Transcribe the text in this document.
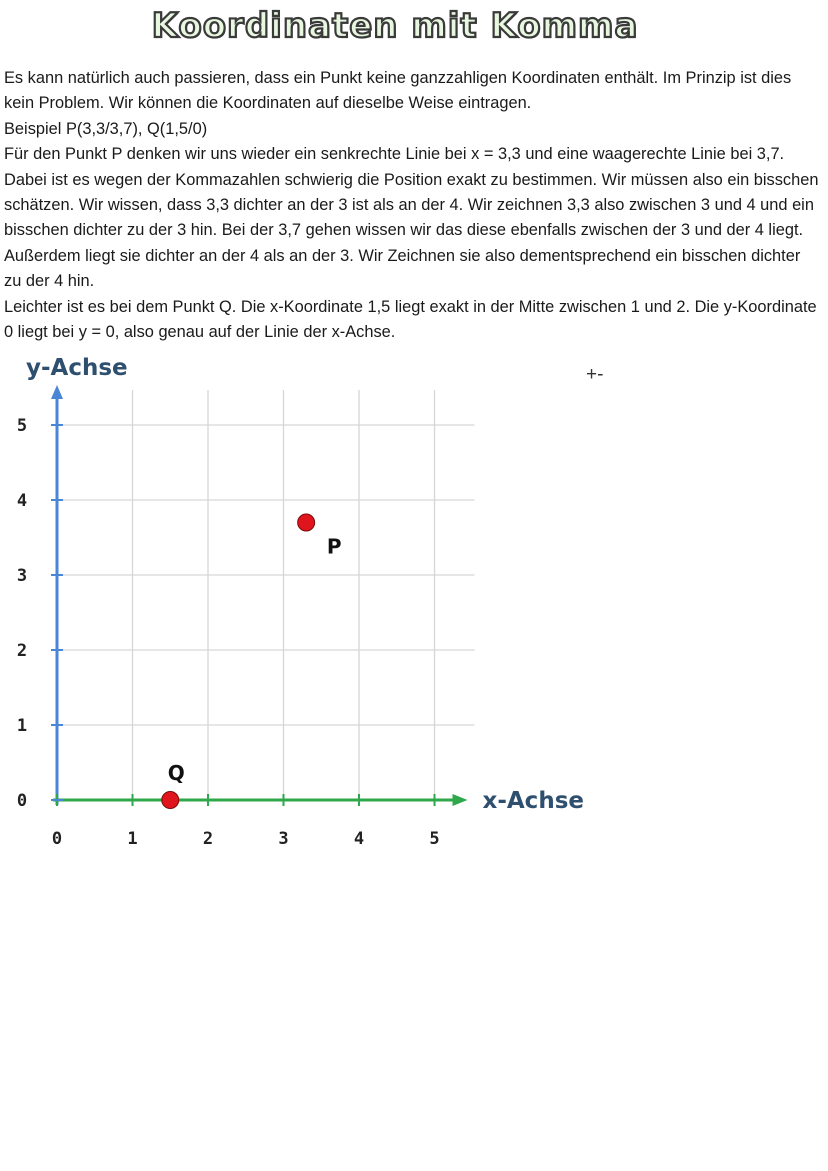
Koordinaten mit Komma

Es kann natürlich auch passieren, dass ein Punkt keine ganzzahligen Koordinaten enthält. Im Prinzip ist dies kein Problem. Wir können die Koordinaten auf dieselbe Weise eintragen.

Beispiel P(3,3/3,7), Q(1,5/0)

Für den Punkt P denken wir uns wieder ein senkrechte Linie bei x = 3,3 und eine waagerechte Linie bei 3,7. Dabei ist es wegen der Kommazahlen schwierig die Position exakt zu bestimmen. Wir müssen also ein bisschen schätzen. Wir wissen, dass 3,3 dichter an der 3 ist als an der 4. Wir zeichnen 3,3 also zwischen 3 und 4 und ein bisschen dichter zu der 3 hin. Bei der 3,7 gehen wissen wir das diese ebenfalls zwischen der 3 und der 4 liegt. Außerdem liegt sie dichter an der 4 als an der 3. Wir Zeichnen sie also dementsprechend ein bisschen dichter zu der 4 hin.

Leichter ist es bei dem Punkt Q. Die x-Koordinate 1,5 liegt exakt in der Mitte zwischen 1 und 2. Die y-Koordinate 0 liegt bei y = 0, also genau auf der Linie der x-Achse.

+-
0	1	2	3	4	5
0
1
2
3
4
5
y-Achse
x-Achse
P
Q
